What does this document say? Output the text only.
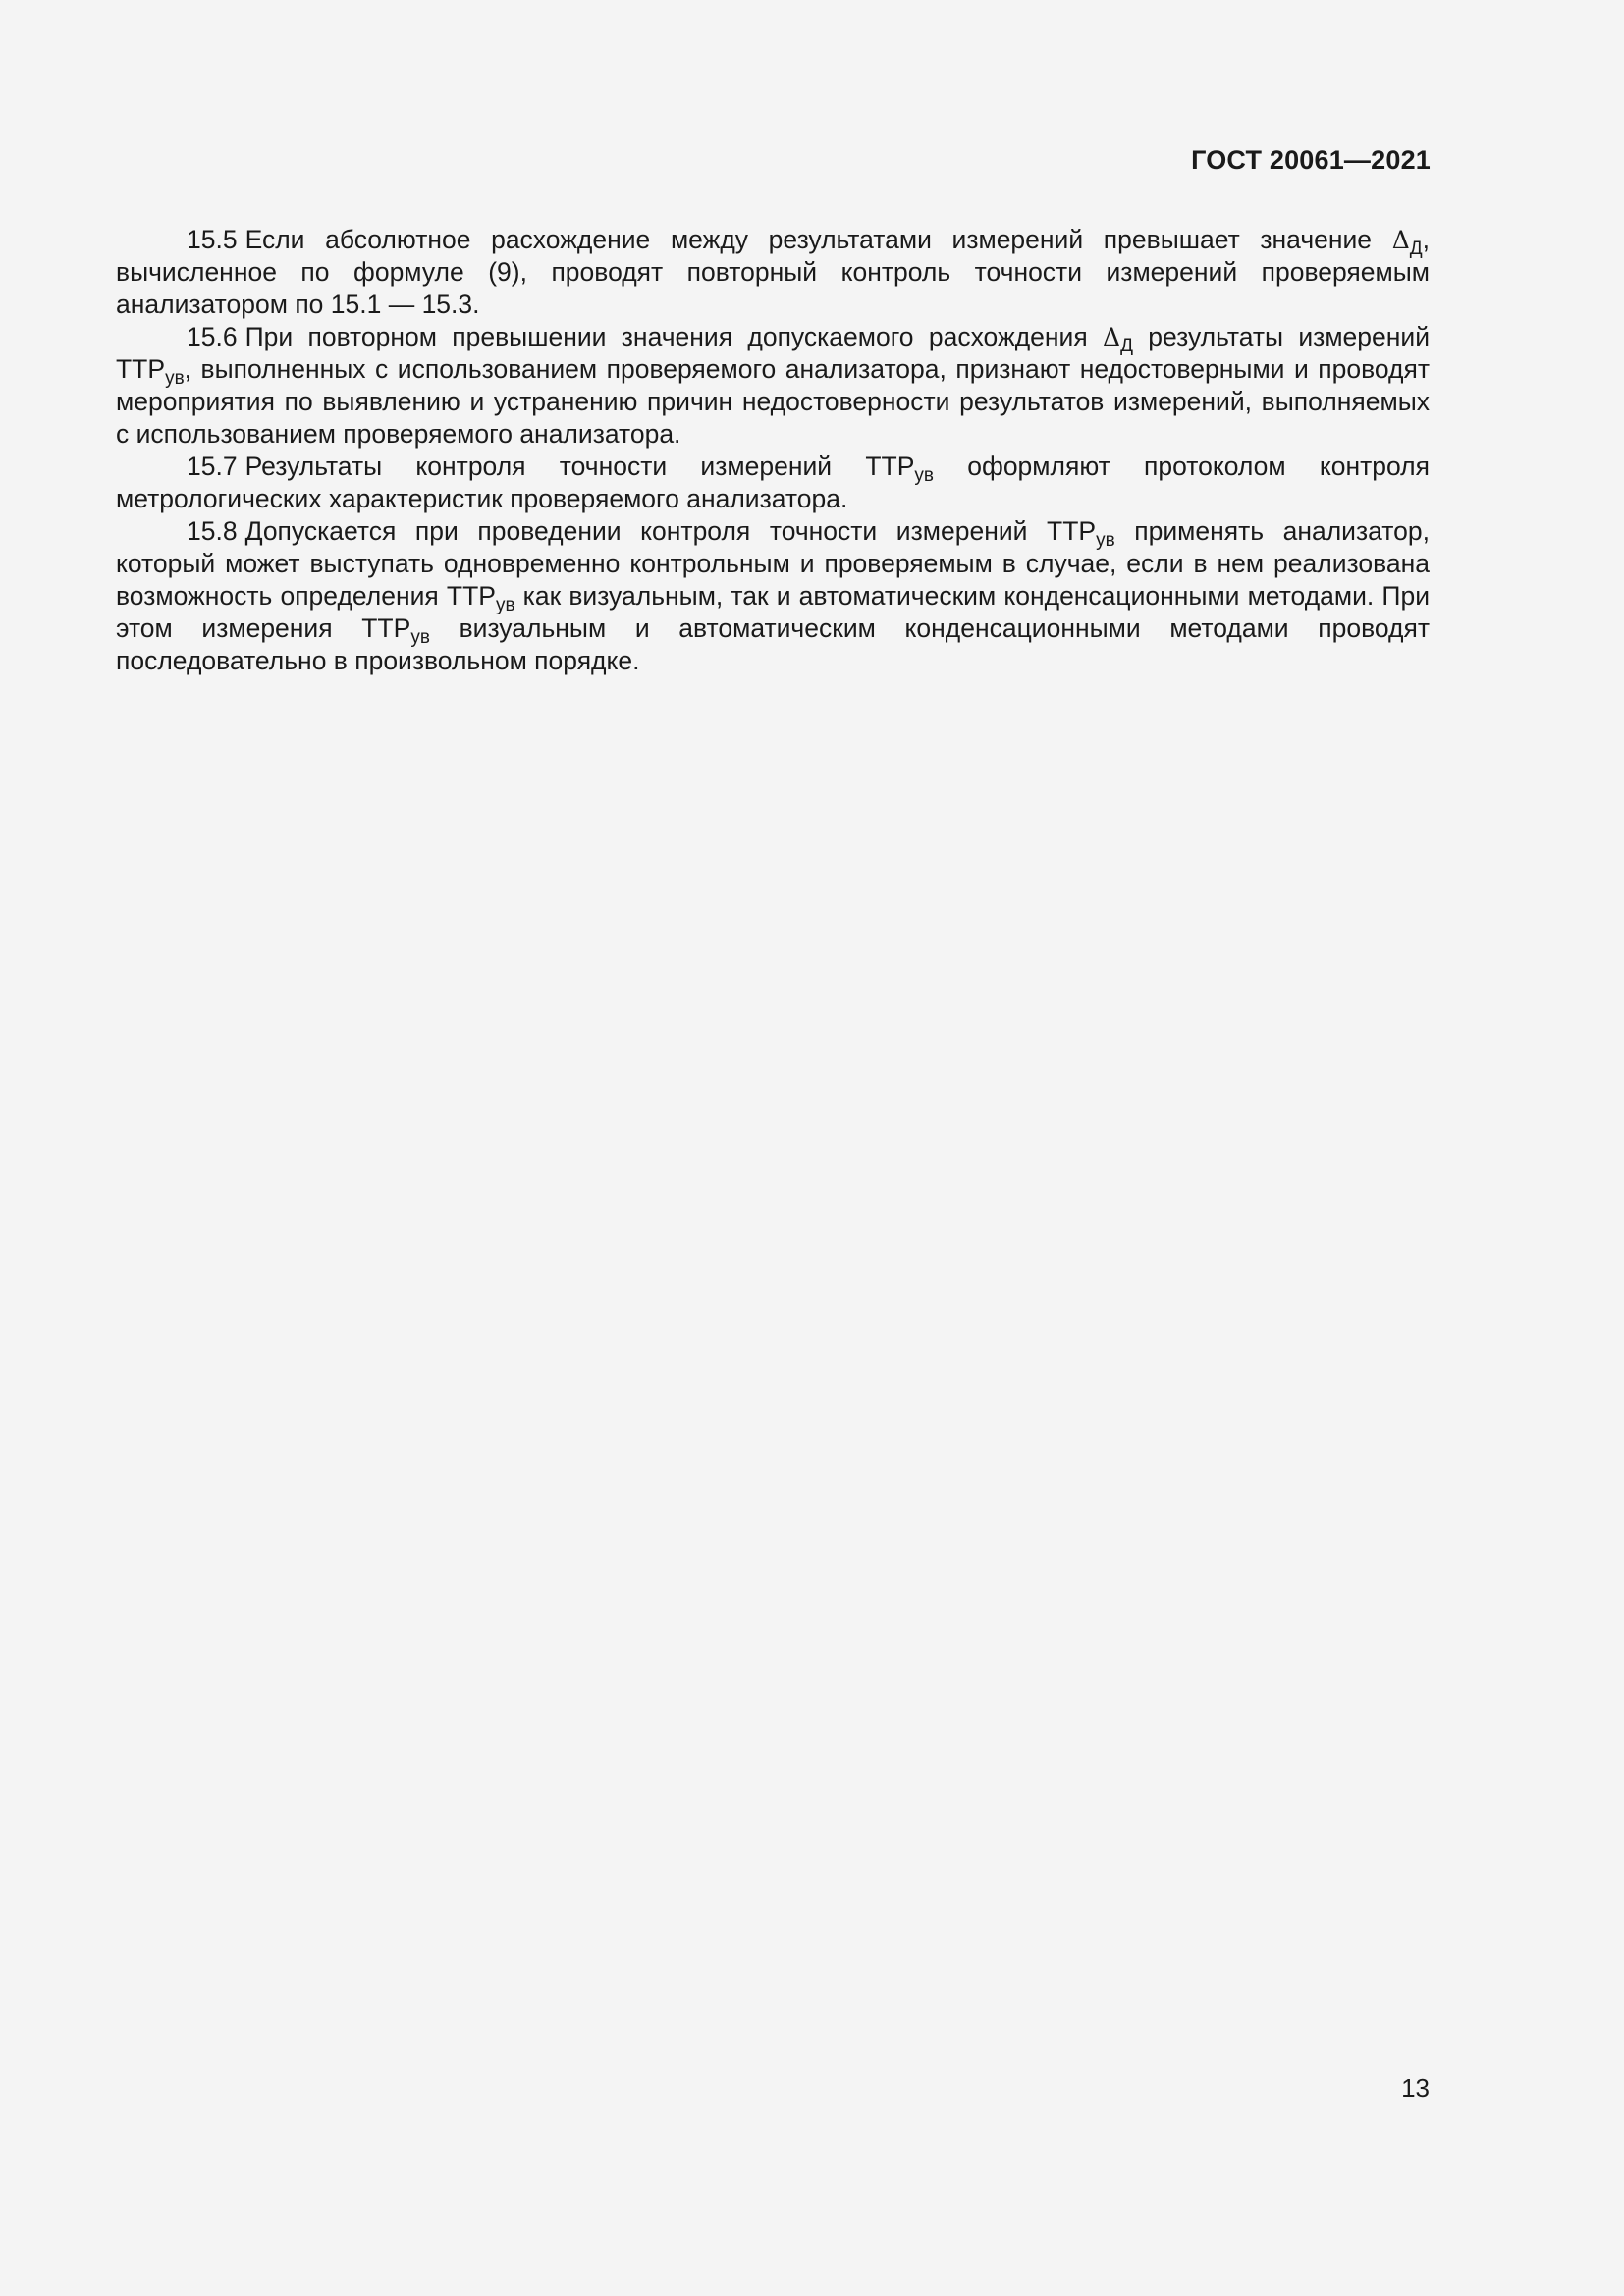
ГОСТ 20061—2021

15.5 Если абсолютное расхождение между результатами измерений превышает значение $\Delta_Д$, вычисленное по формуле (9), проводят повторный контроль точности измерений проверяемым анализатором по 15.1 — 15.3.

15.6 При повторном превышении значения допускаемого расхождения $\Delta_Д$ результаты измерений $ТТР_{ув}$, выполненных с использованием проверяемого анализатора, признают недостоверными и проводят мероприятия по выявлению и устранению причин недостоверности результатов измерений, выполняемых с использованием проверяемого анализатора.

15.7 Результаты контроля точности измерений $ТТР_{ув}$ оформляют протоколом контроля метрологических характеристик проверяемого анализатора.

15.8 Допускается при проведении контроля точности измерений $ТТР_{ув}$ применять анализатор, который может выступать одновременно контрольным и проверяемым в случае, если в нем реализована возможность определения $ТТР_{ув}$ как визуальным, так и автоматическим конденсационными методами. При этом измерения $ТТР_{ув}$ визуальным и автоматическим конденсационными методами проводят последовательно в произвольном порядке.

13
